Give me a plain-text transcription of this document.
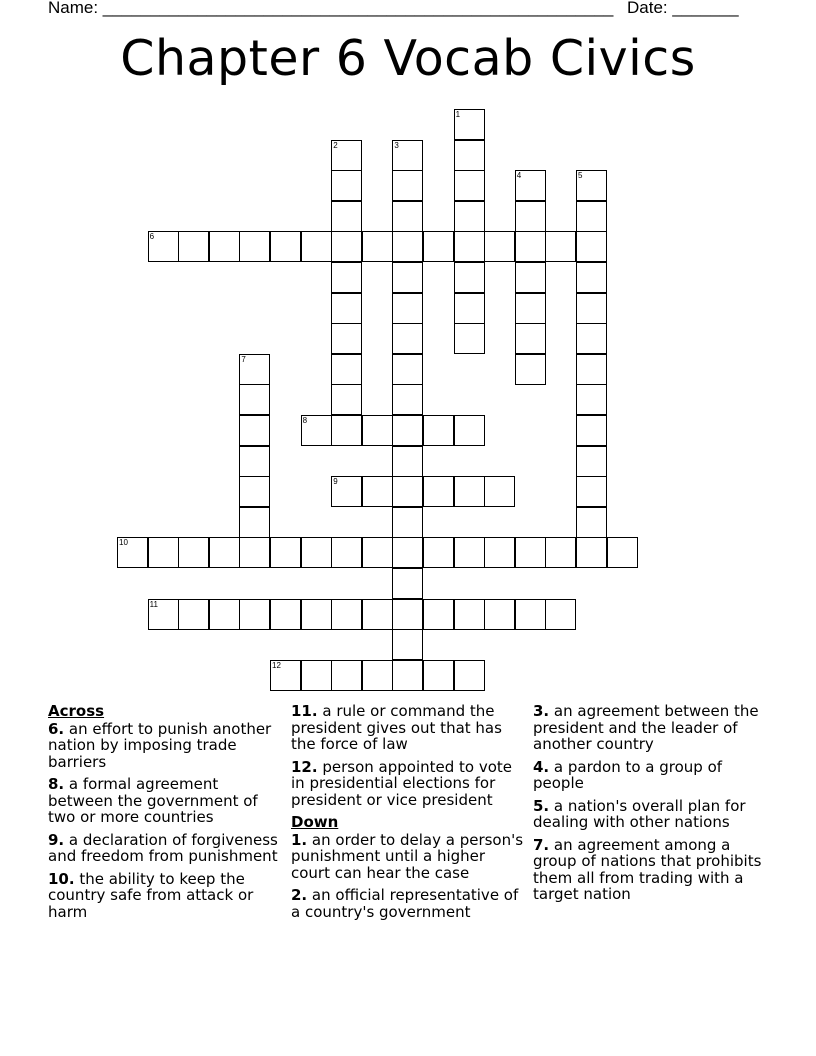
Name: ______________________________________________________ Date: _______
Chapter 6 Vocab Civics
6
8
9
10
11
12
1
2	3
4	5
7
Across
6. an effort to punish another nation by imposing trade barriers
8. a formal agreement between the government of two or more countries
9. a declaration of forgiveness and freedom from punishment
10. the ability to keep the country safe from attack or harm
11. a rule or command the president gives out that has the force of law
12. person appointed to vote in presidential elections for president or vice president
Down
1. an order to delay a person's punishment until a higher court can hear the case
2. an official representative of a country's government
3. an agreement between the president and the leader of another country
4. a pardon to a group of people
5. a nation's overall plan for dealing with other nations
7. an agreement among a group of nations that prohibits them all from trading with a target nation
